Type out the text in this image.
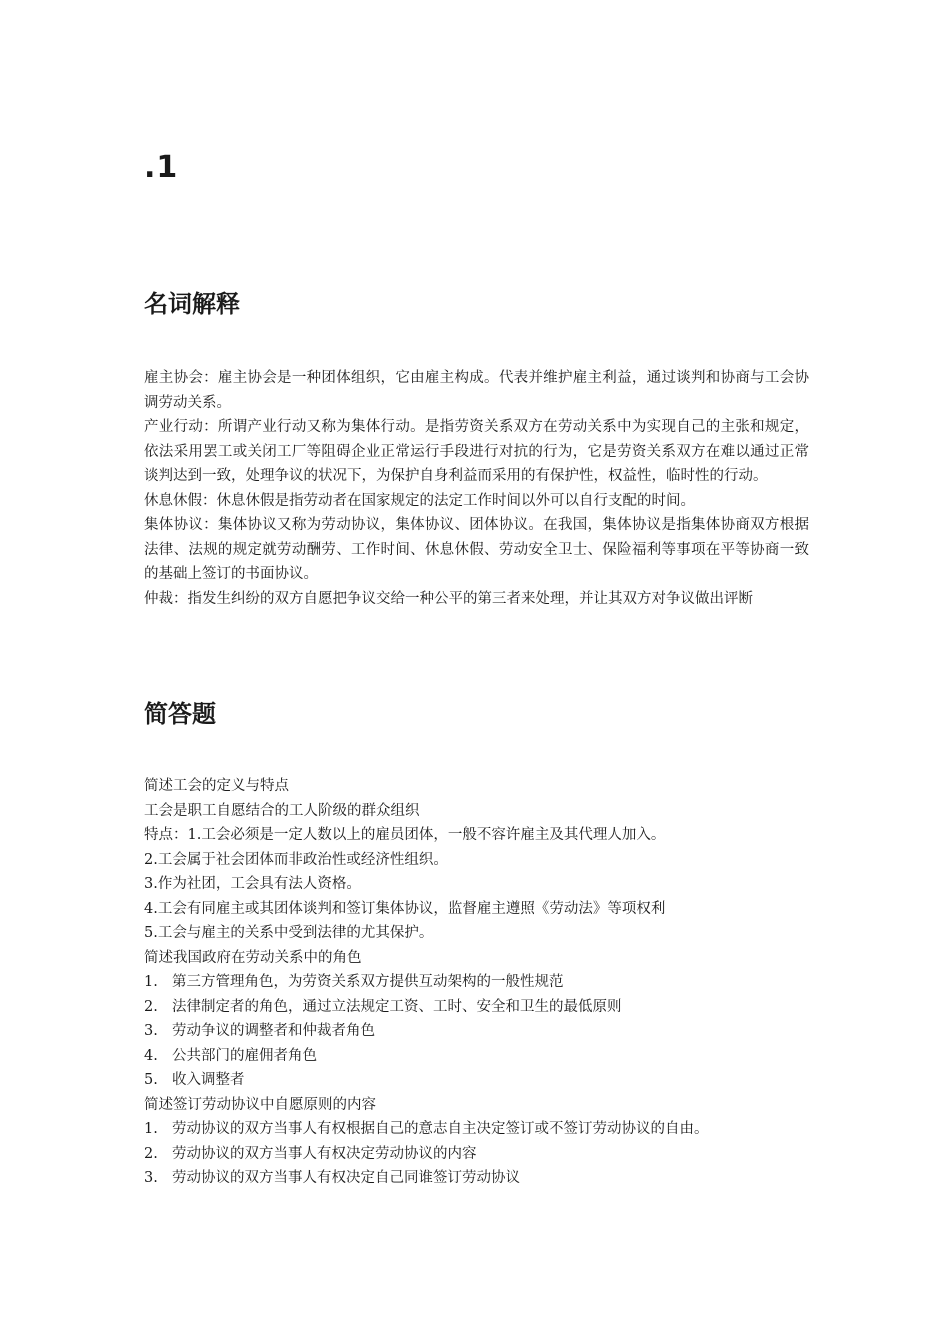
.1
名词解释

雇主协会：雇主协会是一种团体组织，它由雇主构成。代表并维护雇主利益，通过谈判和协商与工会协调劳动关系。

产业行动：所谓产业行动又称为集体行动。是指劳资关系双方在劳动关系中为实现自己的主张和规定，依法采用罢工或关闭工厂等阻碍企业正常运行手段进行对抗的行为，它是劳资关系双方在难以通过正常谈判达到一致，处理争议的状况下，为保护自身利益而采用的有保护性，权益性，临时性的行动。

休息休假：休息休假是指劳动者在国家规定的法定工作时间以外可以自行支配的时间。

集体协议：集体协议又称为劳动协议，集体协议、团体协议。在我国，集体协议是指集体协商双方根据法律、法规的规定就劳动酬劳、工作时间、休息休假、劳动安全卫士、保险福利等事项在平等协商一致的基础上签订的书面协议。

仲裁：指发生纠纷的双方自愿把争议交给一种公平的第三者来处理，并让其双方对争议做出评断

简答题

简述工会的定义与特点

工会是职工自愿结合的工人阶级的群众组织

特点：1.工会必须是一定人数以上的雇员团体，一般不容许雇主及其代理人加入。

2.工会属于社会团体而非政治性或经济性组织。

3.作为社团，工会具有法人资格。

4.工会有同雇主或其团体谈判和签订集体协议，监督雇主遵照《劳动法》等项权利

5.工会与雇主的关系中受到法律的尤其保护。

简述我国政府在劳动关系中的角色

1. 第三方管理角色，为劳资关系双方提供互动架构的一般性规范
2. 法律制定者的角色，通过立法规定工资、工时、安全和卫生的最低原则
3. 劳动争议的调整者和仲裁者角色
4. 公共部门的雇佣者角色
5. 收入调整者

简述签订劳动协议中自愿原则的内容

1. 劳动协议的双方当事人有权根据自己的意志自主决定签订或不签订劳动协议的自由。
2. 劳动协议的双方当事人有权决定劳动协议的内容
3. 劳动协议的双方当事人有权决定自己同谁签订劳动协议
